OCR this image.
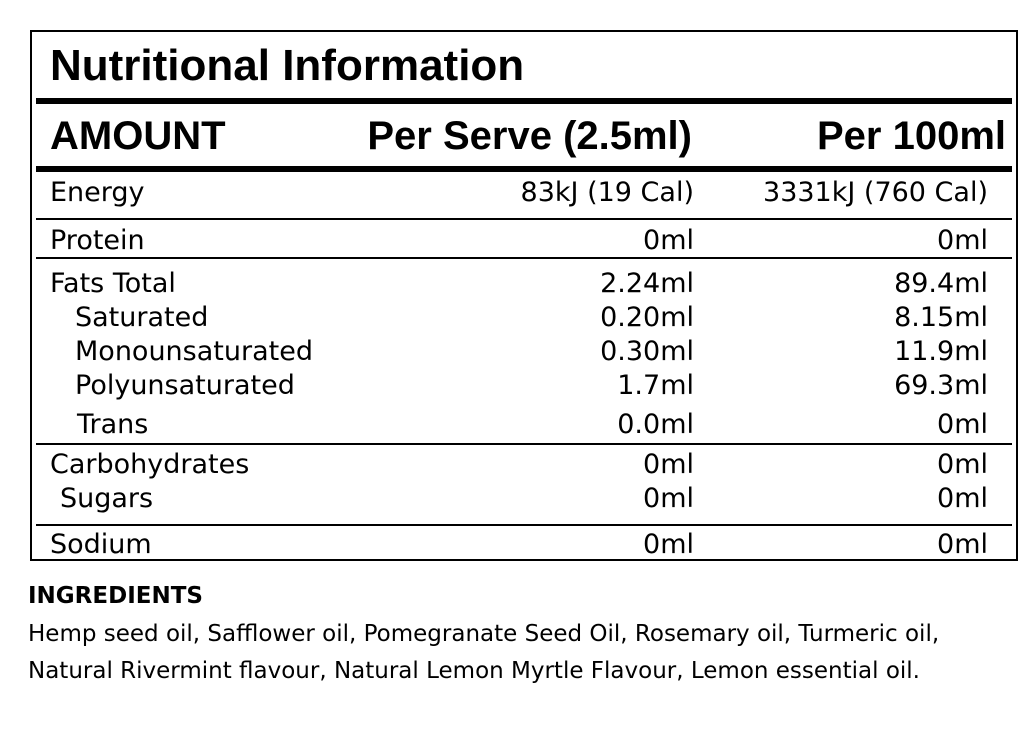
Nutritional Information
AMOUNT	Per Serve (2.5ml)	Per 100ml
Energy	83kJ (19 Cal)	3331kJ (760 Cal)
Protein	0ml	0ml
Fats Total	2.24ml	89.4ml
Saturated	0.20ml	8.15ml
Monounsaturated	0.30ml	11.9ml
Polyunsaturated	1.7ml	69.3ml
Trans	0.0ml	0ml
Carbohydrates	0ml	0ml
Sugars	0ml	0ml
Sodium	0ml	0ml
INGREDIENTS
Hemp seed oil, Safflower oil, Pomegranate Seed Oil, Rosemary oil, Turmeric oil, Natural Rivermint flavour, Natural Lemon Myrtle Flavour, Lemon essential oil.
